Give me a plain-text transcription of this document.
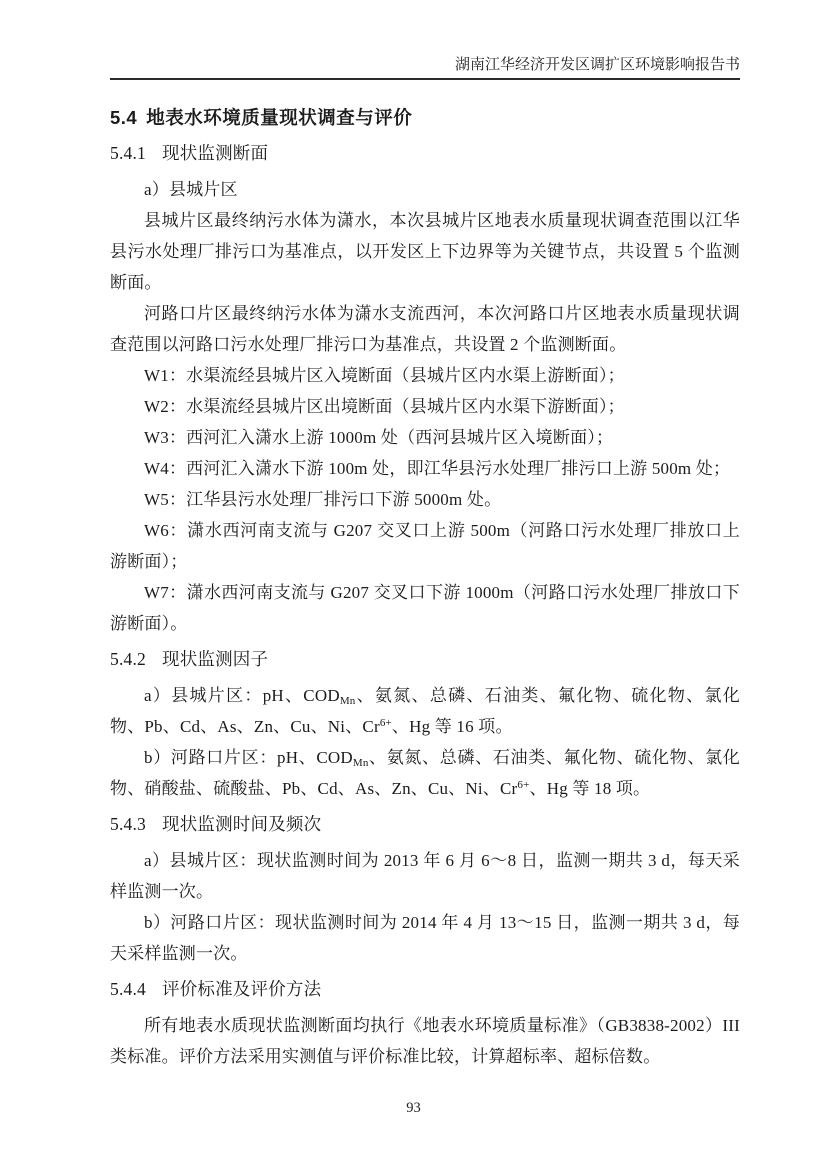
湖南江华经济开发区调扩区环境影响报告书
5.4 地表水环境质量现状调查与评价
5.4.1 现状监测断面

a）县城片区

县城片区最终纳污水体为潇水，本次县城片区地表水质量现状调查范围以江华县污水处理厂排污口为基准点，以开发区上下边界等为关键节点，共设置 5 个监测断面。

河路口片区最终纳污水体为潇水支流西河，本次河路口片区地表水质量现状调查范围以河路口污水处理厂排污口为基准点，共设置 2 个监测断面。

W1：水渠流经县城片区入境断面（县城片区内水渠上游断面）；

W2：水渠流经县城片区出境断面（县城片区内水渠下游断面）；

W3：西河汇入潇水上游 1000m 处（西河县城片区入境断面）；

W4：西河汇入潇水下游 100m 处，即江华县污水处理厂排污口上游 500m 处；

W5：江华县污水处理厂排污口下游 5000m 处。

W6：潇水西河南支流与 G207 交叉口上游 500m（河路口污水处理厂排放口上游断面）；

W7：潇水西河南支流与 G207 交叉口下游 1000m（河路口污水处理厂排放口下游断面）。

5.4.2 现状监测因子

a）县城片区：pH、$COD_{Mn}$、氨氮、总磷、石油类、氟化物、硫化物、氯化物、Pb、Cd、As、Zn、Cu、Ni、$Cr^{6+}$、Hg 等 16 项。

b）河路口片区：pH、$COD_{Mn}$、氨氮、总磷、石油类、氟化物、硫化物、氯化物、硝酸盐、硫酸盐、Pb、Cd、As、Zn、Cu、Ni、$Cr^{6+}$、Hg 等 18 项。

5.4.3 现状监测时间及频次

a）县城片区：现状监测时间为 2013 年 6 月 6～8 日，监测一期共 3 d，每天采样监测一次。

b）河路口片区：现状监测时间为 2014 年 4 月 13～15 日，监测一期共 3 d，每天采样监测一次。

5.4.4 评价标准及评价方法

所有地表水质现状监测断面均执行《地表水环境质量标准》（GB3838-2002）III 类标准。评价方法采用实测值与评价标准比较，计算超标率、超标倍数。

93
